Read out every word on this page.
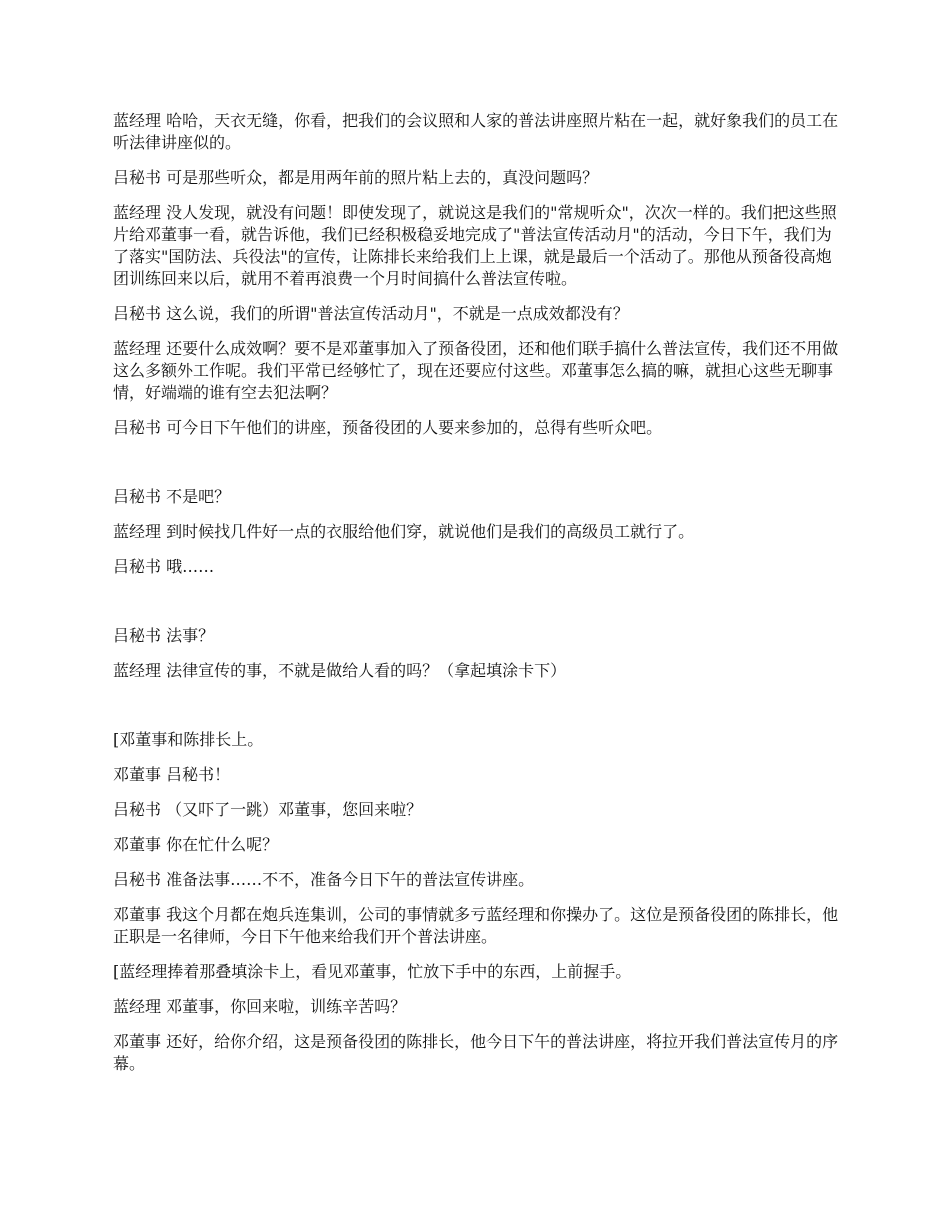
蓝经理 哈哈，天衣无缝，你看，把我们的会议照和人家的普法讲座照片粘在一起，就好象我们的员工在听法律讲座似的。

吕秘书 可是那些听众，都是用两年前的照片粘上去的，真没问题吗？

蓝经理 没人发现，就没有问题！即使发现了，就说这是我们的"常规听众"，次次一样的。我们把这些照片给邓董事一看，就告诉他，我们已经积极稳妥地完成了"普法宣传活动月"的活动，今日下午，我们为了落实"国防法、兵役法"的宣传，让陈排长来给我们上上课，就是最后一个活动了。那他从预备役高炮团训练回来以后，就用不着再浪费一个月时间搞什么普法宣传啦。

吕秘书 这么说，我们的所谓"普法宣传活动月"，不就是一点成效都没有？

蓝经理 还要什么成效啊？要不是邓董事加入了预备役团，还和他们联手搞什么普法宣传，我们还不用做这么多额外工作呢。我们平常已经够忙了，现在还要应付这些。邓董事怎么搞的嘛，就担心这些无聊事情，好端端的谁有空去犯法啊？

吕秘书 可今日下午他们的讲座，预备役团的人要来参加的，总得有些听众吧。

吕秘书 不是吧？

蓝经理 到时候找几件好一点的衣服给他们穿，就说他们是我们的高级员工就行了。

吕秘书 哦……

吕秘书 法事？

蓝经理 法律宣传的事，不就是做给人看的吗？（拿起填涂卡下）

[邓董事和陈排长上。

邓董事 吕秘书！

吕秘书 （又吓了一跳）邓董事，您回来啦？

邓董事 你在忙什么呢？

吕秘书 准备法事……不不，准备今日下午的普法宣传讲座。

邓董事 我这个月都在炮兵连集训，公司的事情就多亏蓝经理和你操办了。这位是预备役团的陈排长，他正职是一名律师，今日下午他来给我们开个普法讲座。

[蓝经理捧着那叠填涂卡上，看见邓董事，忙放下手中的东西，上前握手。

蓝经理 邓董事，你回来啦，训练辛苦吗？

邓董事 还好，给你介绍，这是预备役团的陈排长，他今日下午的普法讲座，将拉开我们普法宣传月的序幕。
